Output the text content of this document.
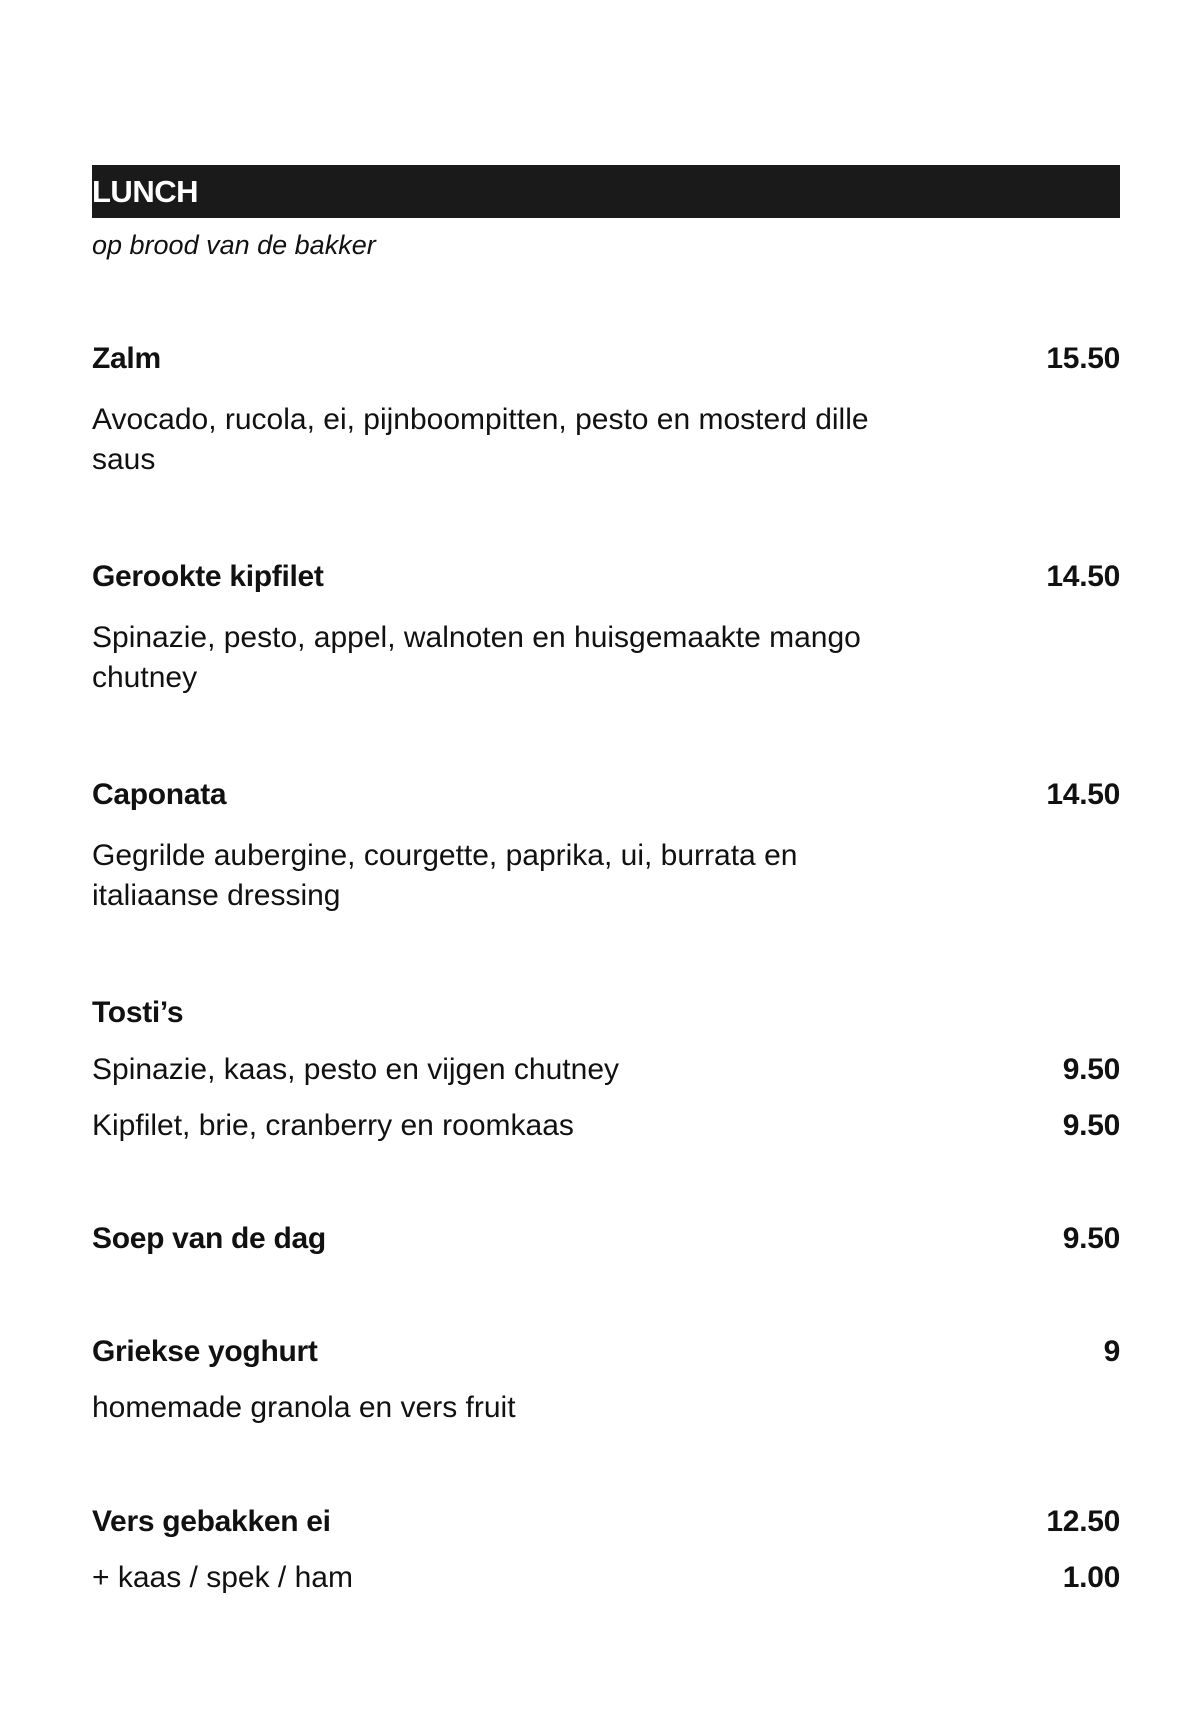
LUNCH
op brood van de bakker
Zalm	15.50
Avocado, rucola, ei, pijnboompitten, pesto en mosterd dille saus
Gerookte kipfilet	14.50
Spinazie, pesto, appel, walnoten en huisgemaakte mango chutney
Caponata	14.50
Gegrilde aubergine, courgette, paprika, ui, burrata en italiaanse dressing
Tosti’s
Spinazie, kaas, pesto en vijgen chutney	9.50
Kipfilet, brie, cranberry en roomkaas	9.50
Soep van de dag	9.50
Griekse yoghurt	9
homemade granola en vers fruit
Vers gebakken ei	12.50
+ kaas / spek / ham	1.00
